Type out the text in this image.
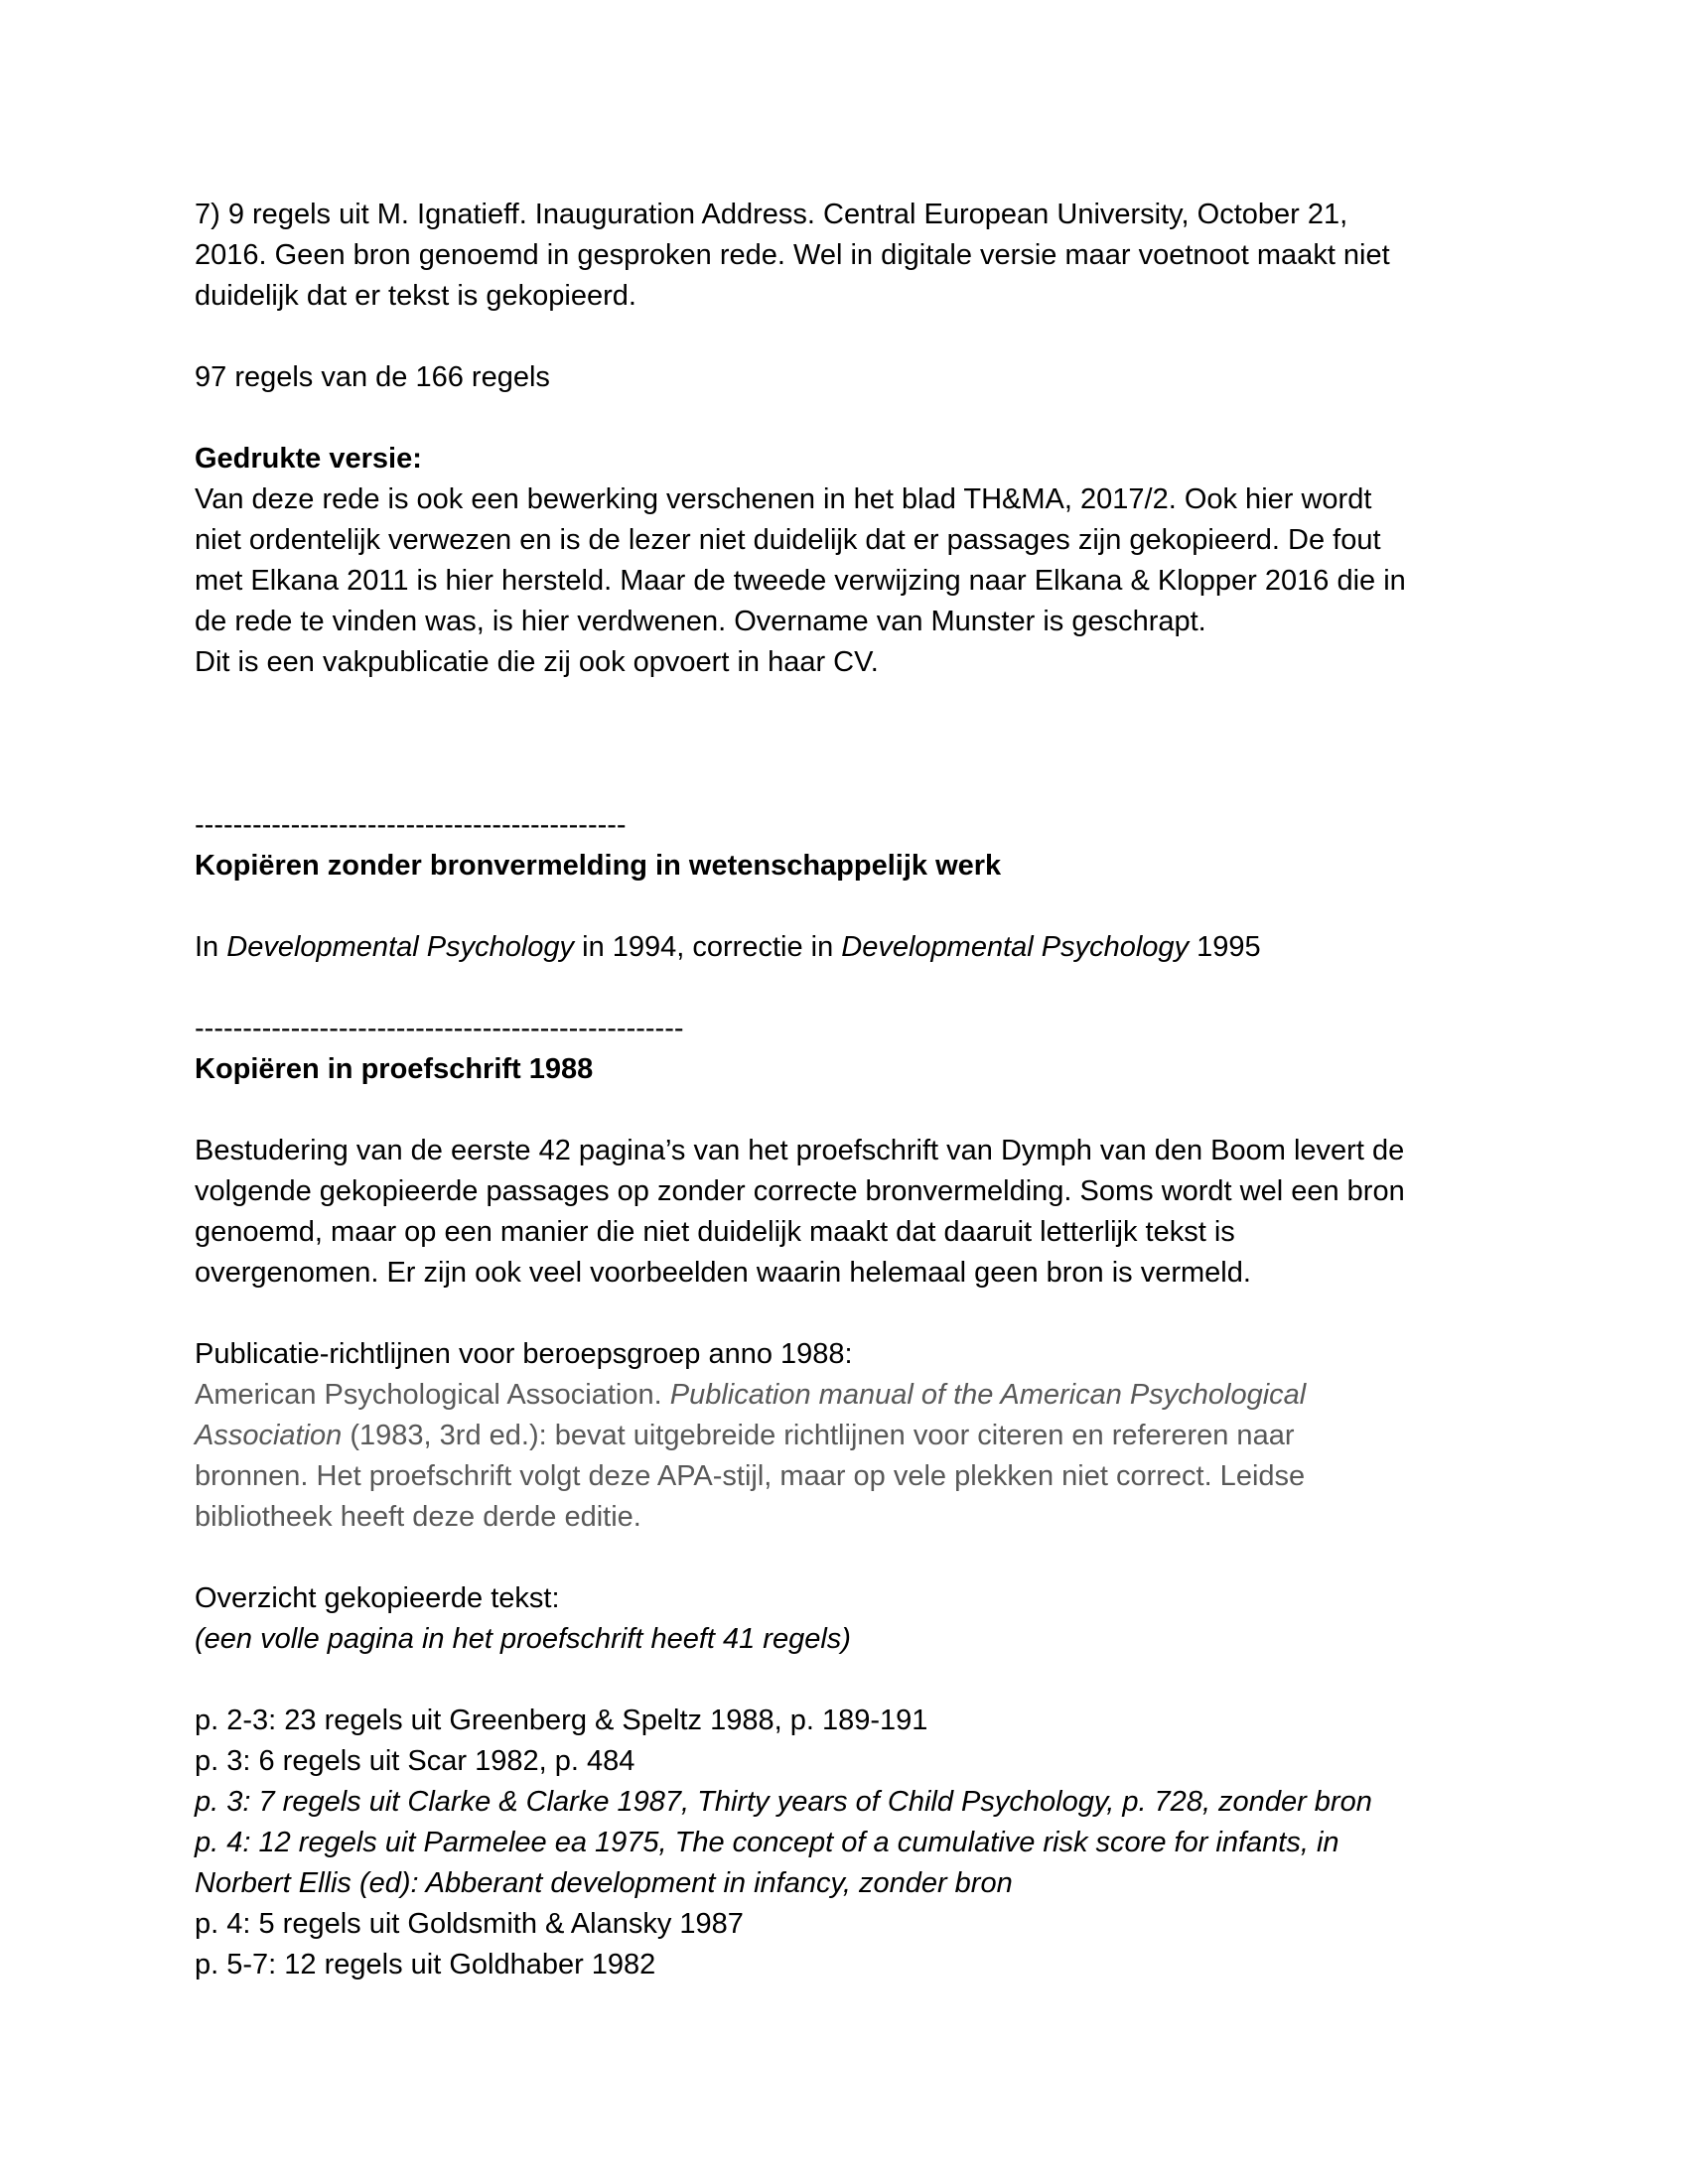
7) 9 regels uit M. Ignatieff. Inauguration Address. Central European University, October 21,
2016. Geen bron genoemd in gesproken rede. Wel in digitale versie maar voetnoot maakt niet
duidelijk dat er tekst is gekopieerd.
97 regels van de 166 regels
Gedrukte versie:
Van deze rede is ook een bewerking verschenen in het blad TH&MA, 2017/2. Ook hier wordt
niet ordentelijk verwezen en is de lezer niet duidelijk dat er passages zijn gekopieerd. De fout
met Elkana 2011 is hier hersteld. Maar de tweede verwijzing naar Elkana & Klopper 2016 die in
de rede te vinden was, is hier verdwenen. Overname van Munster is geschrapt.
Dit is een vakpublicatie die zij ook opvoert in haar CV.
---------------------------------------------
Kopiëren zonder bronvermelding in wetenschappelijk werk
In Developmental Psychology in 1994, correctie in Developmental Psychology 1995
---------------------------------------------------
Kopiëren in proefschrift 1988
Bestudering van de eerste 42 pagina’s van het proefschrift van Dymph van den Boom levert de
volgende gekopieerde passages op zonder correcte bronvermelding. Soms wordt wel een bron
genoemd, maar op een manier die niet duidelijk maakt dat daaruit letterlijk tekst is
overgenomen. Er zijn ook veel voorbeelden waarin helemaal geen bron is vermeld.
Publicatie-richtlijnen voor beroepsgroep anno 1988:
American Psychological Association. Publication manual of the American Psychological
Association (1983, 3rd ed.): bevat uitgebreide richtlijnen voor citeren en refereren naar
bronnen. Het proefschrift volgt deze APA-stijl, maar op vele plekken niet correct. Leidse
bibliotheek heeft deze derde editie.
Overzicht gekopieerde tekst:
(een volle pagina in het proefschrift heeft 41 regels)
p. 2-3: 23 regels uit Greenberg & Speltz 1988, p. 189-191
p. 3: 6 regels uit Scar 1982, p. 484
p. 3: 7 regels uit Clarke & Clarke 1987, Thirty years of Child Psychology, p. 728, zonder bron
p. 4: 12 regels uit Parmelee ea 1975, The concept of a cumulative risk score for infants, in
Norbert Ellis (ed): Abberant development in infancy, zonder bron
p. 4: 5 regels uit Goldsmith & Alansky 1987
p. 5-7: 12 regels uit Goldhaber 1982
